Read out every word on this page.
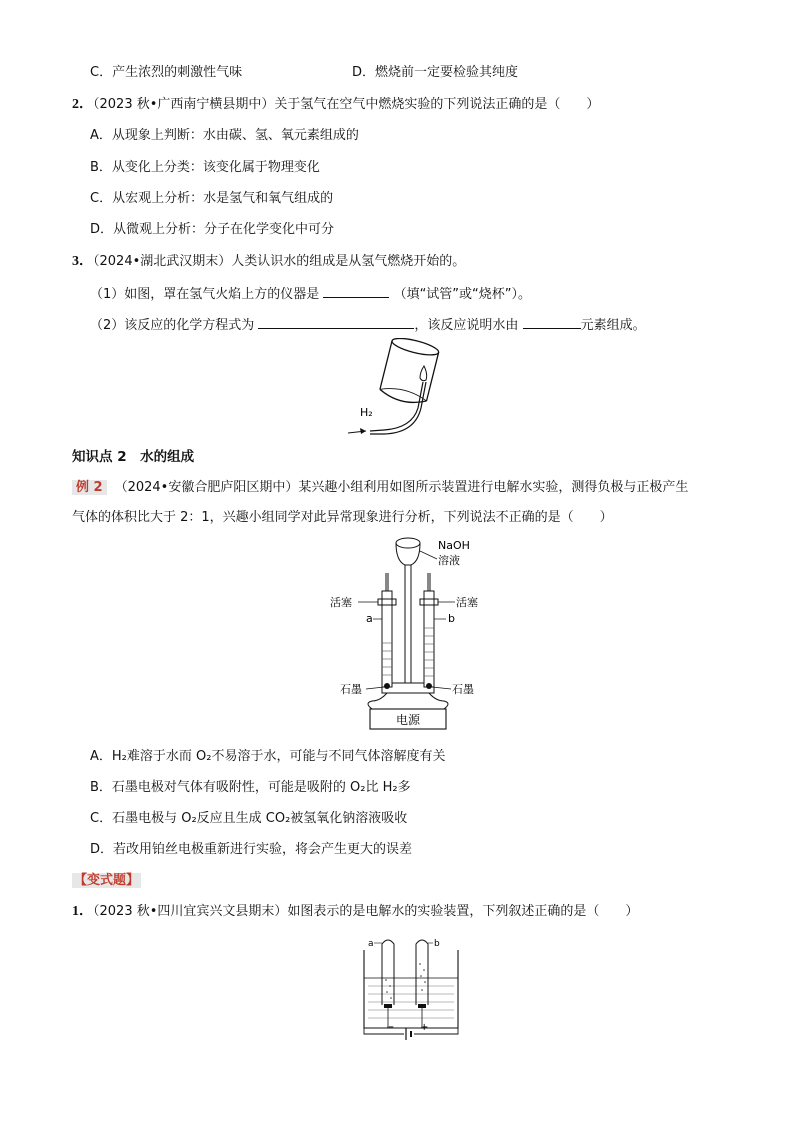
C．产生浓烈的刺激性气味	D．燃烧前一定要检验其纯度
2．（2023 秋•广西南宁横县期中）关于氢气在空气中燃烧实验的下列说法正确的是（　　）
A．从现象上判断：水由碳、氢、氧元素组成的
B．从变化上分类：该变化属于物理变化
C．从宏观上分析：水是氢气和氧气组成的
D．从微观上分析：分子在化学变化中可分
3．（2024•湖北武汉期末）人类认识水的组成是从氢气燃烧开始的。
（1）如图，罩在氢气火焰上方的仪器是	（填“试管”或“烧杯”）。
（2）该反应的化学方程式为	，该反应说明水由	元素组成。
H₂
知识点 2　水的组成
例 2 （2024•安徽合肥庐阳区期中）某兴趣小组利用如图所示装置进行电解水实验，测得负极与正极产生
气体的体积比大于 2：1，兴趣小组同学对此异常现象进行分析，下列说法不正确的是（　　）
电源
NaOH
溶液
活塞	活塞
a	b
石墨	石墨
A．H₂难溶于水而 O₂不易溶于水，可能与不同气体溶解度有关
B．石墨电极对气体有吸附性，可能是吸附的 O₂比 H₂多
C．石墨电极与 O₂反应且生成 CO₂被氢氧化钠溶液吸收
D．若改用铂丝电极重新进行实验，将会产生更大的误差
【变式题】
1．（2023 秋•四川宜宾兴文县期末）如图表示的是电解水的实验装置，下列叙述正确的是（　　）
−	+
a	b
